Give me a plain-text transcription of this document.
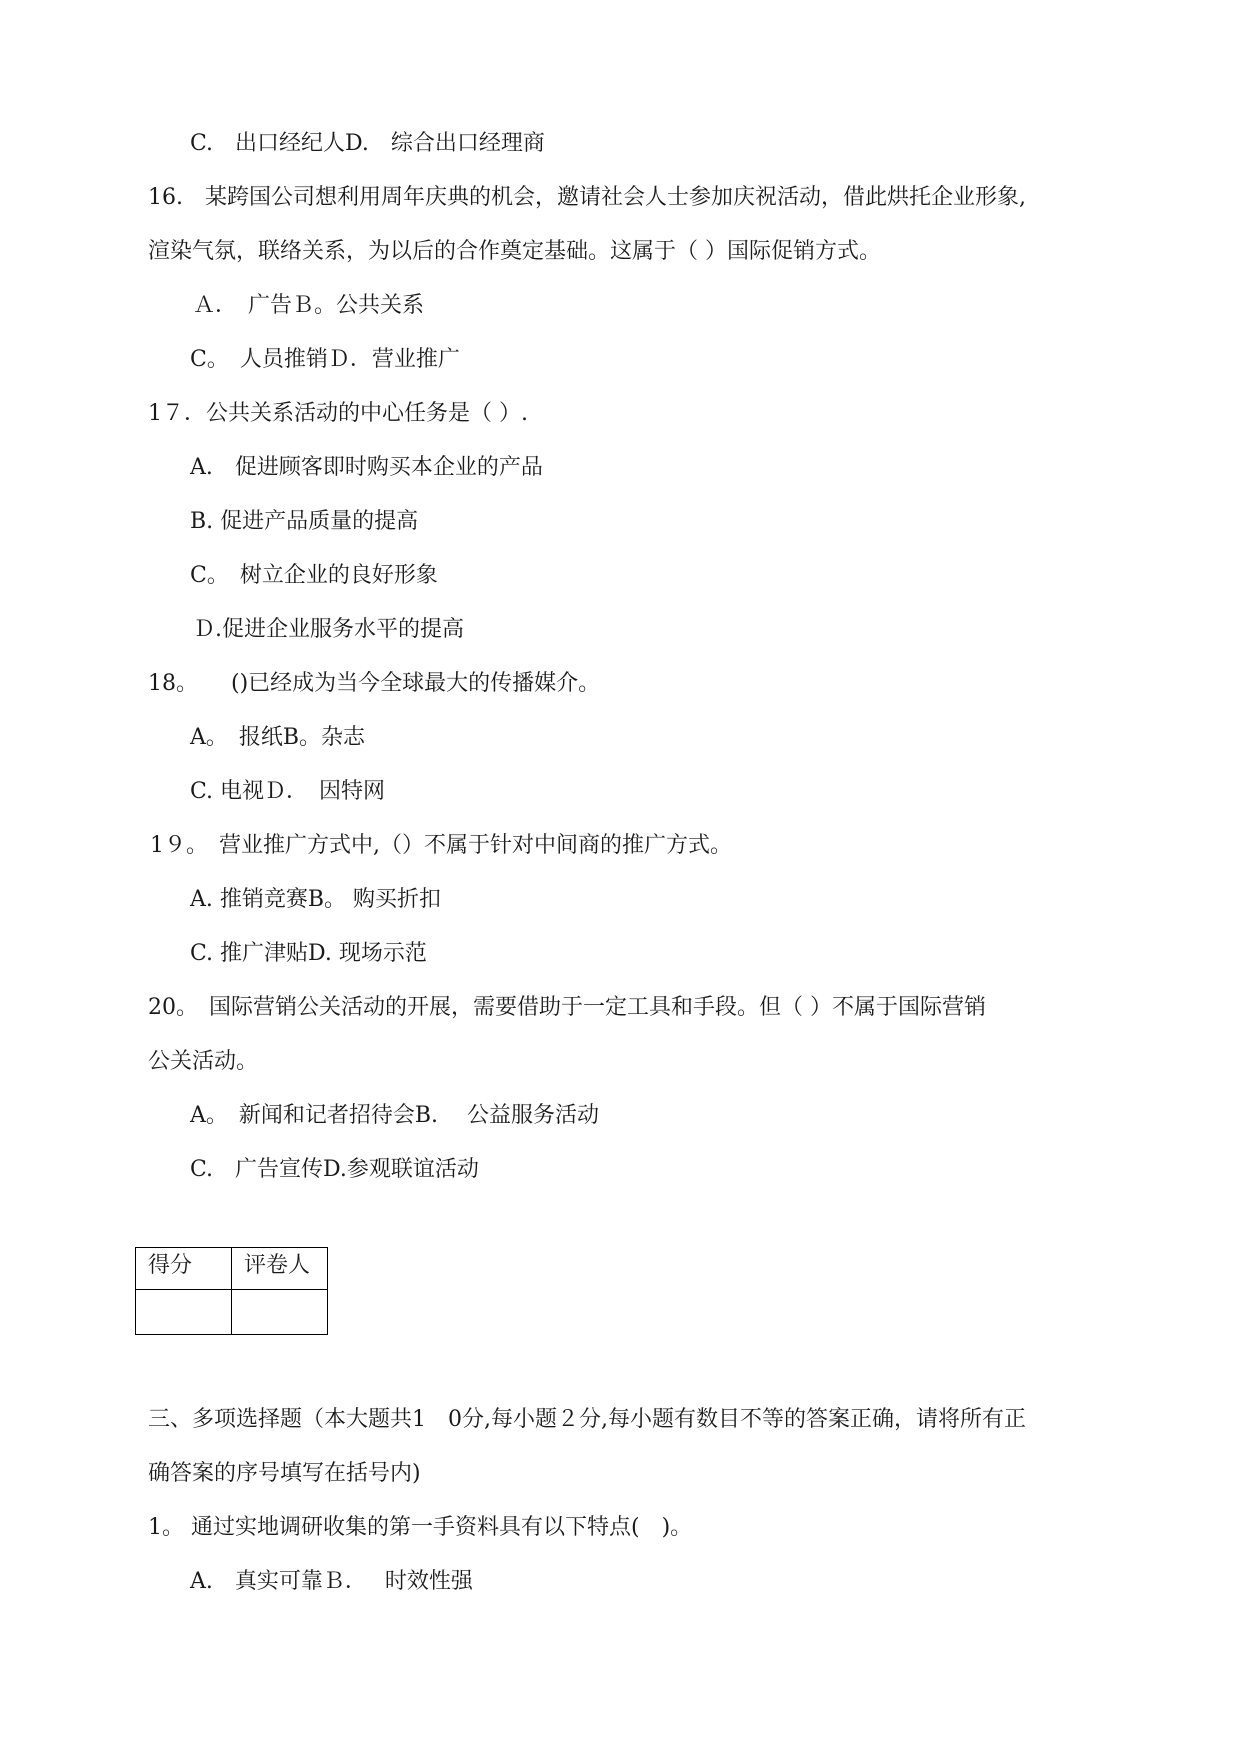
C.　出口经纪人D.　综合出口经理商
16.　某跨国公司想利用周年庆典的机会，邀请社会人士参加庆祝活动，借此烘托企业形象,
渲染气氛，联络关系，为以后的合作奠定基础。这属于（ ）国际促销方式。
Ａ．　广告Ｂ。公共关系
C。　人员推销Ｄ．营业推广
1７．公共关系活动的中心任务是（ ）.
A.　促进顾客即时购买本企业的产品
B. 促进产品质量的提高
C。　树立企业的良好形象
Ｄ.促进企业服务水平的提高
18。　　()已经成为当今全球最大的传播媒介。
A。　报纸B。杂志
C. 电视Ｄ．　因特网
1９。　营业推广方式中,（）不属于针对中间商的推广方式。
A. 推销竞赛B。 购买折扣
C. 推广津贴D. 现场示范
20。　国际营销公关活动的开展，需要借助于一定工具和手段。但（ ）不属于国际营销
公关活动。
A。　新闻和记者招待会B.　 公益服务活动
C.　广告宣传D.参观联谊活动
得分	评卷人

三、多项选择题（本大题共1　0分,每小题２分,每小题有数目不等的答案正确，请将所有正
确答案的序号填写在括号内)
1。 通过实地调研收集的第一手资料具有以下特点(　)。
A.　真实可靠Ｂ．　 时效性强
